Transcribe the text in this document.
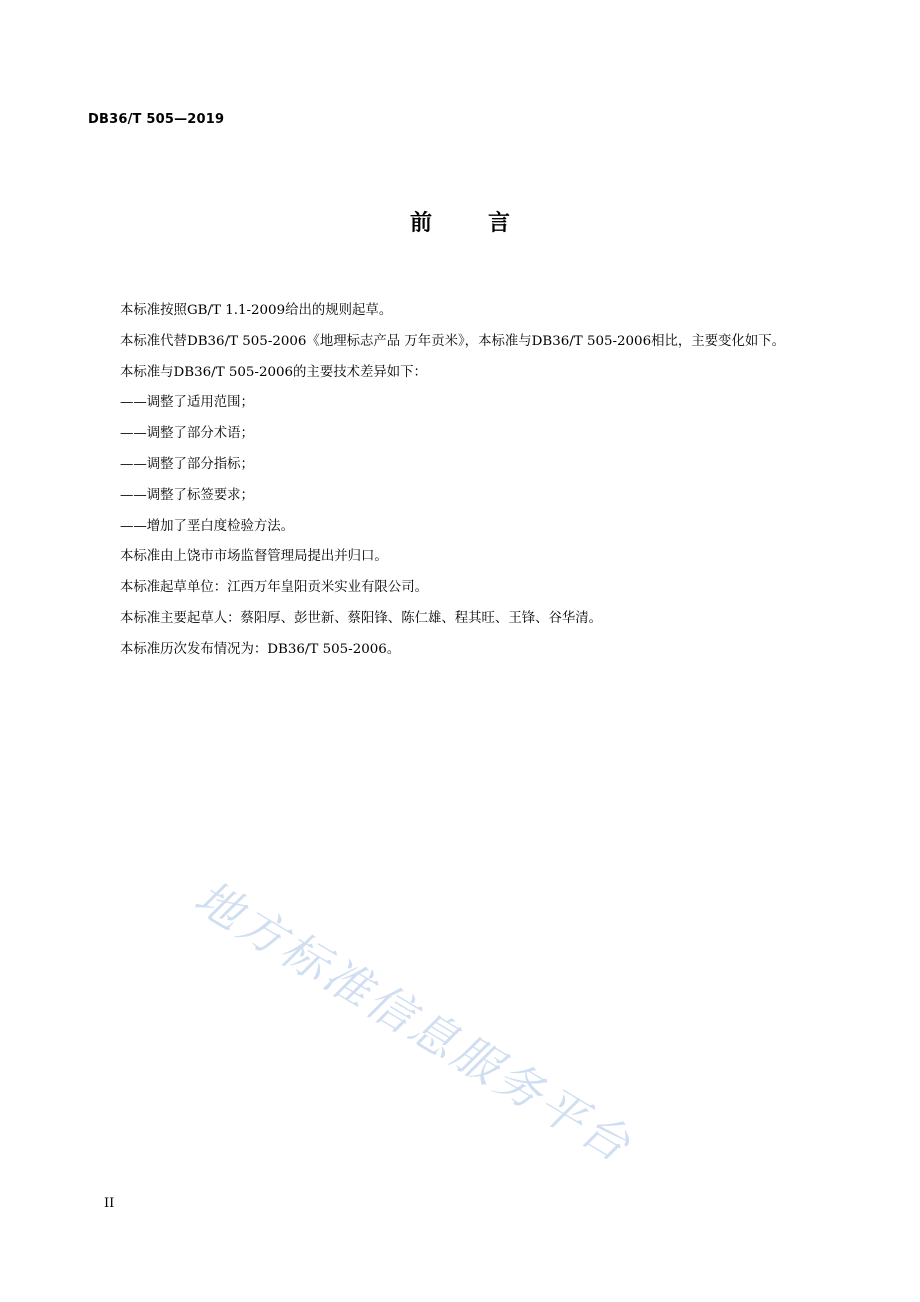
DB36/T 505—2019
前	言

本标准按照GB/T 1.1-2009给出的规则起草。

本标准代替DB36/T 505-2006《地理标志产品 万年贡米》，本标准与DB36/T 505-2006相比，主要变化如下。

本标准与DB36/T 505-2006的主要技术差异如下：

——调整了适用范围；

——调整了部分术语；

——调整了部分指标；

——调整了标签要求；

——增加了垩白度检验方法。

本标准由上饶市市场监督管理局提出并归口。

本标准起草单位：江西万年皇阳贡米实业有限公司。

本标准主要起草人：蔡阳厚、彭世新、蔡阳锋、陈仁雄、程其旺、王锋、谷华清。

本标准历次发布情况为：DB36/T 505-2006。

地方标准信息服务平台
II
